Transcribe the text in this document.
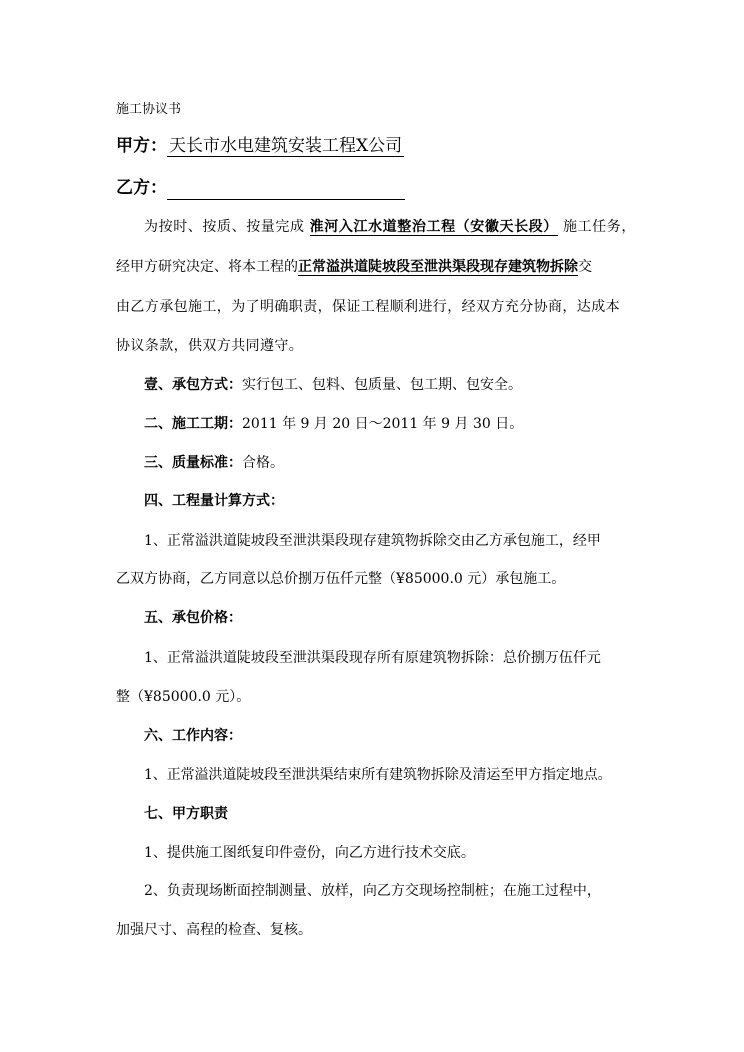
施工协议书
甲方： 天长市水电建筑安装工程X公司
乙方：
为按时、按质、按量完成 淮河入江水道整治工程（安徽天长段） 施工任务，
经甲方研究决定、将本工程的正常溢洪道陡坡段至泄洪渠段现存建筑物拆除交
由乙方承包施工，为了明确职责，保证工程顺利进行，经双方充分协商，达成本
协议条款，供双方共同遵守。
壹、承包方式：实行包工、包料、包质量、包工期、包安全。
二、施工工期：2011 年 9 月 20 日～2011 年 9 月 30 日。
三、质量标准：合格。
四、工程量计算方式：
1、正常溢洪道陡坡段至泄洪渠段现存建筑物拆除交由乙方承包施工，经甲
乙双方协商，乙方同意以总价捌万伍仟元整（¥85000.0 元）承包施工。
五、承包价格：
1、正常溢洪道陡坡段至泄洪渠段现存所有原建筑物拆除：总价捌万伍仟元
整（¥85000.0 元）。
六、工作内容：
1、正常溢洪道陡坡段至泄洪渠结束所有建筑物拆除及清运至甲方指定地点。
七、甲方职责
1、提供施工图纸复印件壹份，向乙方进行技术交底。
2、负责现场断面控制测量、放样，向乙方交现场控制桩；在施工过程中，
加强尺寸、高程的检查、复核。
